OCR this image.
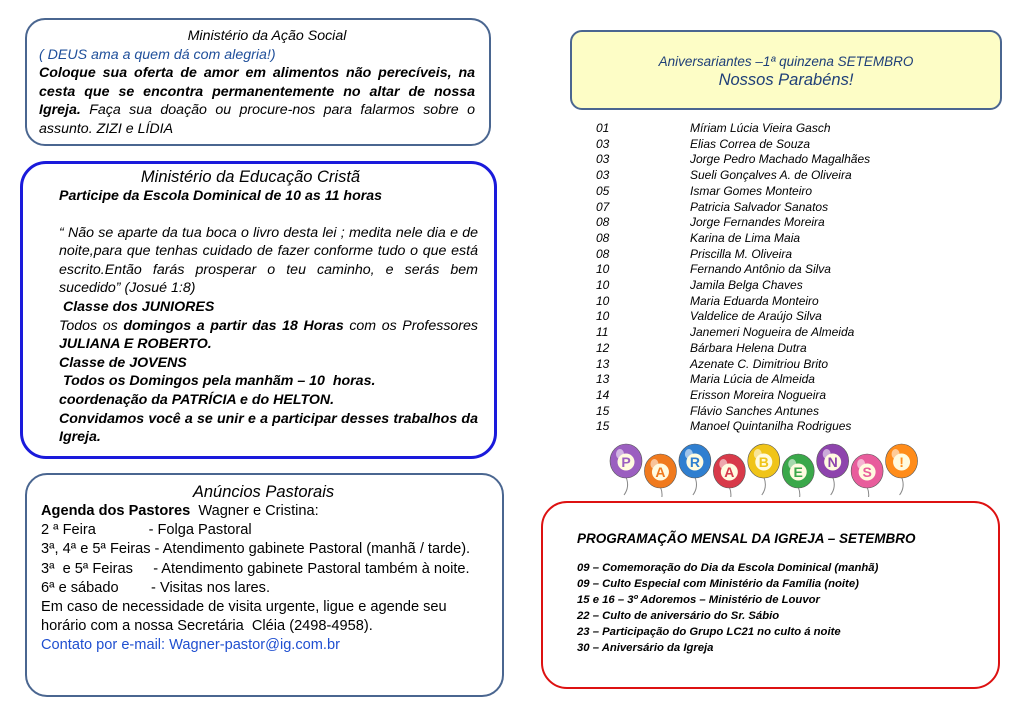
Ministério da Ação Social

( DEUS ama a quem dá com alegria!)

Coloque sua oferta de amor em alimentos não perecíveis, na cesta que se encontra permanentemente no altar de nossa Igreja. Faça sua doação ou procure-nos para falarmos sobre o assunto. ZIZI e LÍDIA

Ministério da Educação Cristã

Participe da Escola Dominical de 10 as 11 horas

“ Não se aparte da tua boca o livro desta lei ; medita nele dia e de noite,para que tenhas cuidado de fazer conforme tudo o que está escrito.Então farás prosperar o teu caminho, e serás bem sucedido” (Josué 1:8)

Classe dos JUNIORES

Todos os domingos a partir das 18 Horas com os Professores JULIANA E ROBERTO.

Classe de JOVENS

Todos os Domingos pela manhãm – 10  horas.

coordenação da PATRÍCIA e do HELTON.

Convidamos você a se unir e a participar desses trabalhos da Igreja.

Anúncios Pastorais

Agenda dos Pastores  Wagner e Cristina:

2 ª Feira             - Folga Pastoral

3ª, 4ª e 5ª Feiras - Atendimento gabinete Pastoral (manhã / tarde).

3ª  e 5ª Feiras     - Atendimento gabinete Pastoral também à noite.

6ª e sábado        - Visitas nos lares.

Em caso de necessidade de visita urgente, ligue e agende seu horário com a nossa Secretária  Cléia (2498-4958).

Contato por e-mail: Wagner-pastor@ig.com.br

Aniversariantes –1ª quinzena SETEMBRO

Nossos Parabéns!

01	Míriam Lúcia Vieira Gasch
03	Elias Correa de Souza
03	Jorge Pedro Machado Magalhães
03	Sueli Gonçalves A. de Oliveira
05	Ismar Gomes Monteiro
07	Patricia Salvador Sanatos
08	Jorge Fernandes Moreira
08	Karina de Lima Maia
08	Priscilla M. Oliveira
10	Fernando Antônio da Silva
10	Jamila Belga Chaves
10	Maria Eduarda Monteiro
10	Valdelice de Araújo Silva
11	Janemeri Nogueira de Almeida
12	Bárbara Helena Dutra
13	Azenate C. Dimitriou Brito
13	Maria Lúcia de Almeida
14	Erisson Moreira Nogueira
15	Flávio Sanches Antunes
15	Manoel Quintanilha Rodrigues
P
A
R
A
B
E
N
S
!

PROGRAMAÇÃO MENSAL DA IGREJA – SETEMBRO

09 – Comemoração do Dia da Escola Dominical (manhã)

09 – Culto Especial com Ministério da Família (noite)

15 e 16 – 3º Adoremos – Ministério de Louvor

22 – Culto de aniversário do Sr. Sábio

23 – Participação do Grupo LC21 no culto á noite

30 – Aniversário da Igreja
